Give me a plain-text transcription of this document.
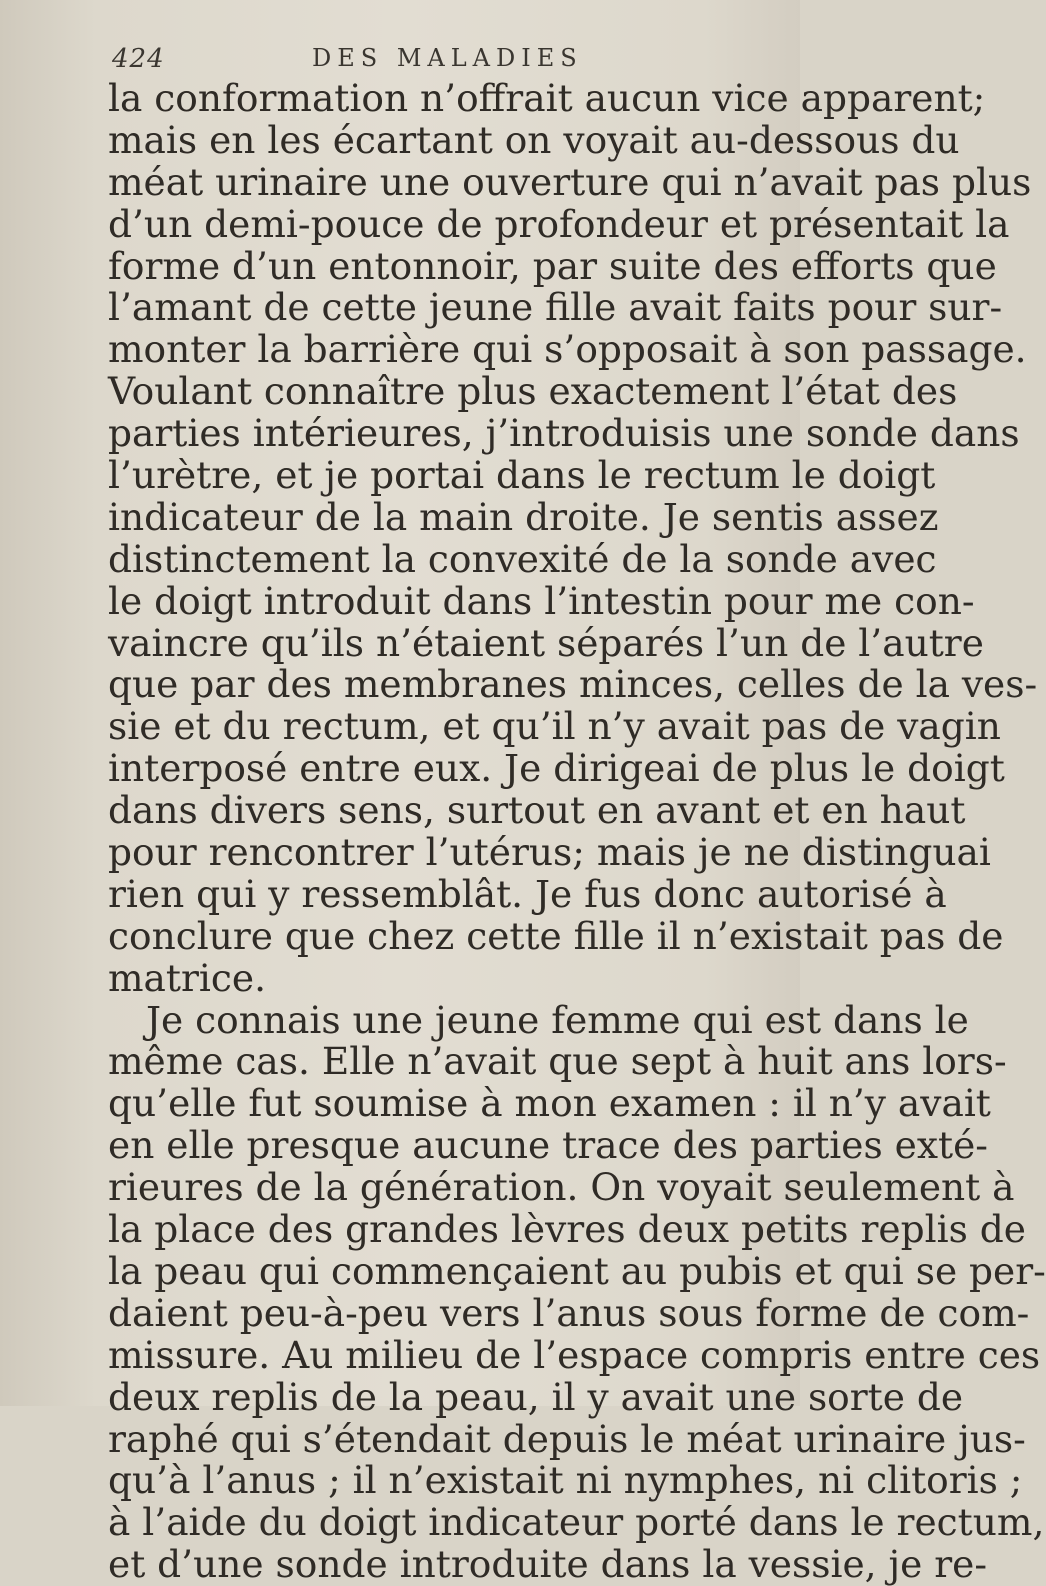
424	DES MALADIES
la conformation n’offrait aucun vice apparent;
mais en les écartant on voyait au-dessous du
méat urinaire une ouverture qui n’avait pas plus
d’un demi-pouce de profondeur et présentait la
forme d’un entonnoir, par suite des efforts que
l’amant de cette jeune fille avait faits pour sur-
monter la barrière qui s’opposait à son passage.
Voulant connaître plus exactement l’état des
parties intérieures, j’introduisis une sonde dans
l’urètre, et je portai dans le rectum le doigt
indicateur de la main droite. Je sentis assez
distinctement la convexité de la sonde avec
le doigt introduit dans l’intestin pour me con-
vaincre qu’ils n’étaient séparés l’un de l’autre
que par des membranes minces, celles de la ves-
sie et du rectum, et qu’il n’y avait pas de vagin
interposé entre eux. Je dirigeai de plus le doigt
dans divers sens, surtout en avant et en haut
pour rencontrer l’utérus; mais je ne distinguai
rien qui y ressemblât. Je fus donc autorisé à
conclure que chez cette fille il n’existait pas de
matrice.
Je connais une jeune femme qui est dans le
même cas. Elle n’avait que sept à huit ans lors-
qu’elle fut soumise à mon examen : il n’y avait
en elle presque aucune trace des parties exté-
rieures de la génération. On voyait seulement à
la place des grandes lèvres deux petits replis de
la peau qui commençaient au pubis et qui se per-
daient peu-à-peu vers l’anus sous forme de com-
missure. Au milieu de l’espace compris entre ces
deux replis de la peau, il y avait une sorte de
raphé qui s’étendait depuis le méat urinaire jus-
qu’à l’anus ; il n’existait ni nymphes, ni clitoris ;
à l’aide du doigt indicateur porté dans le rectum,
et d’une sonde introduite dans la vessie, je re-
